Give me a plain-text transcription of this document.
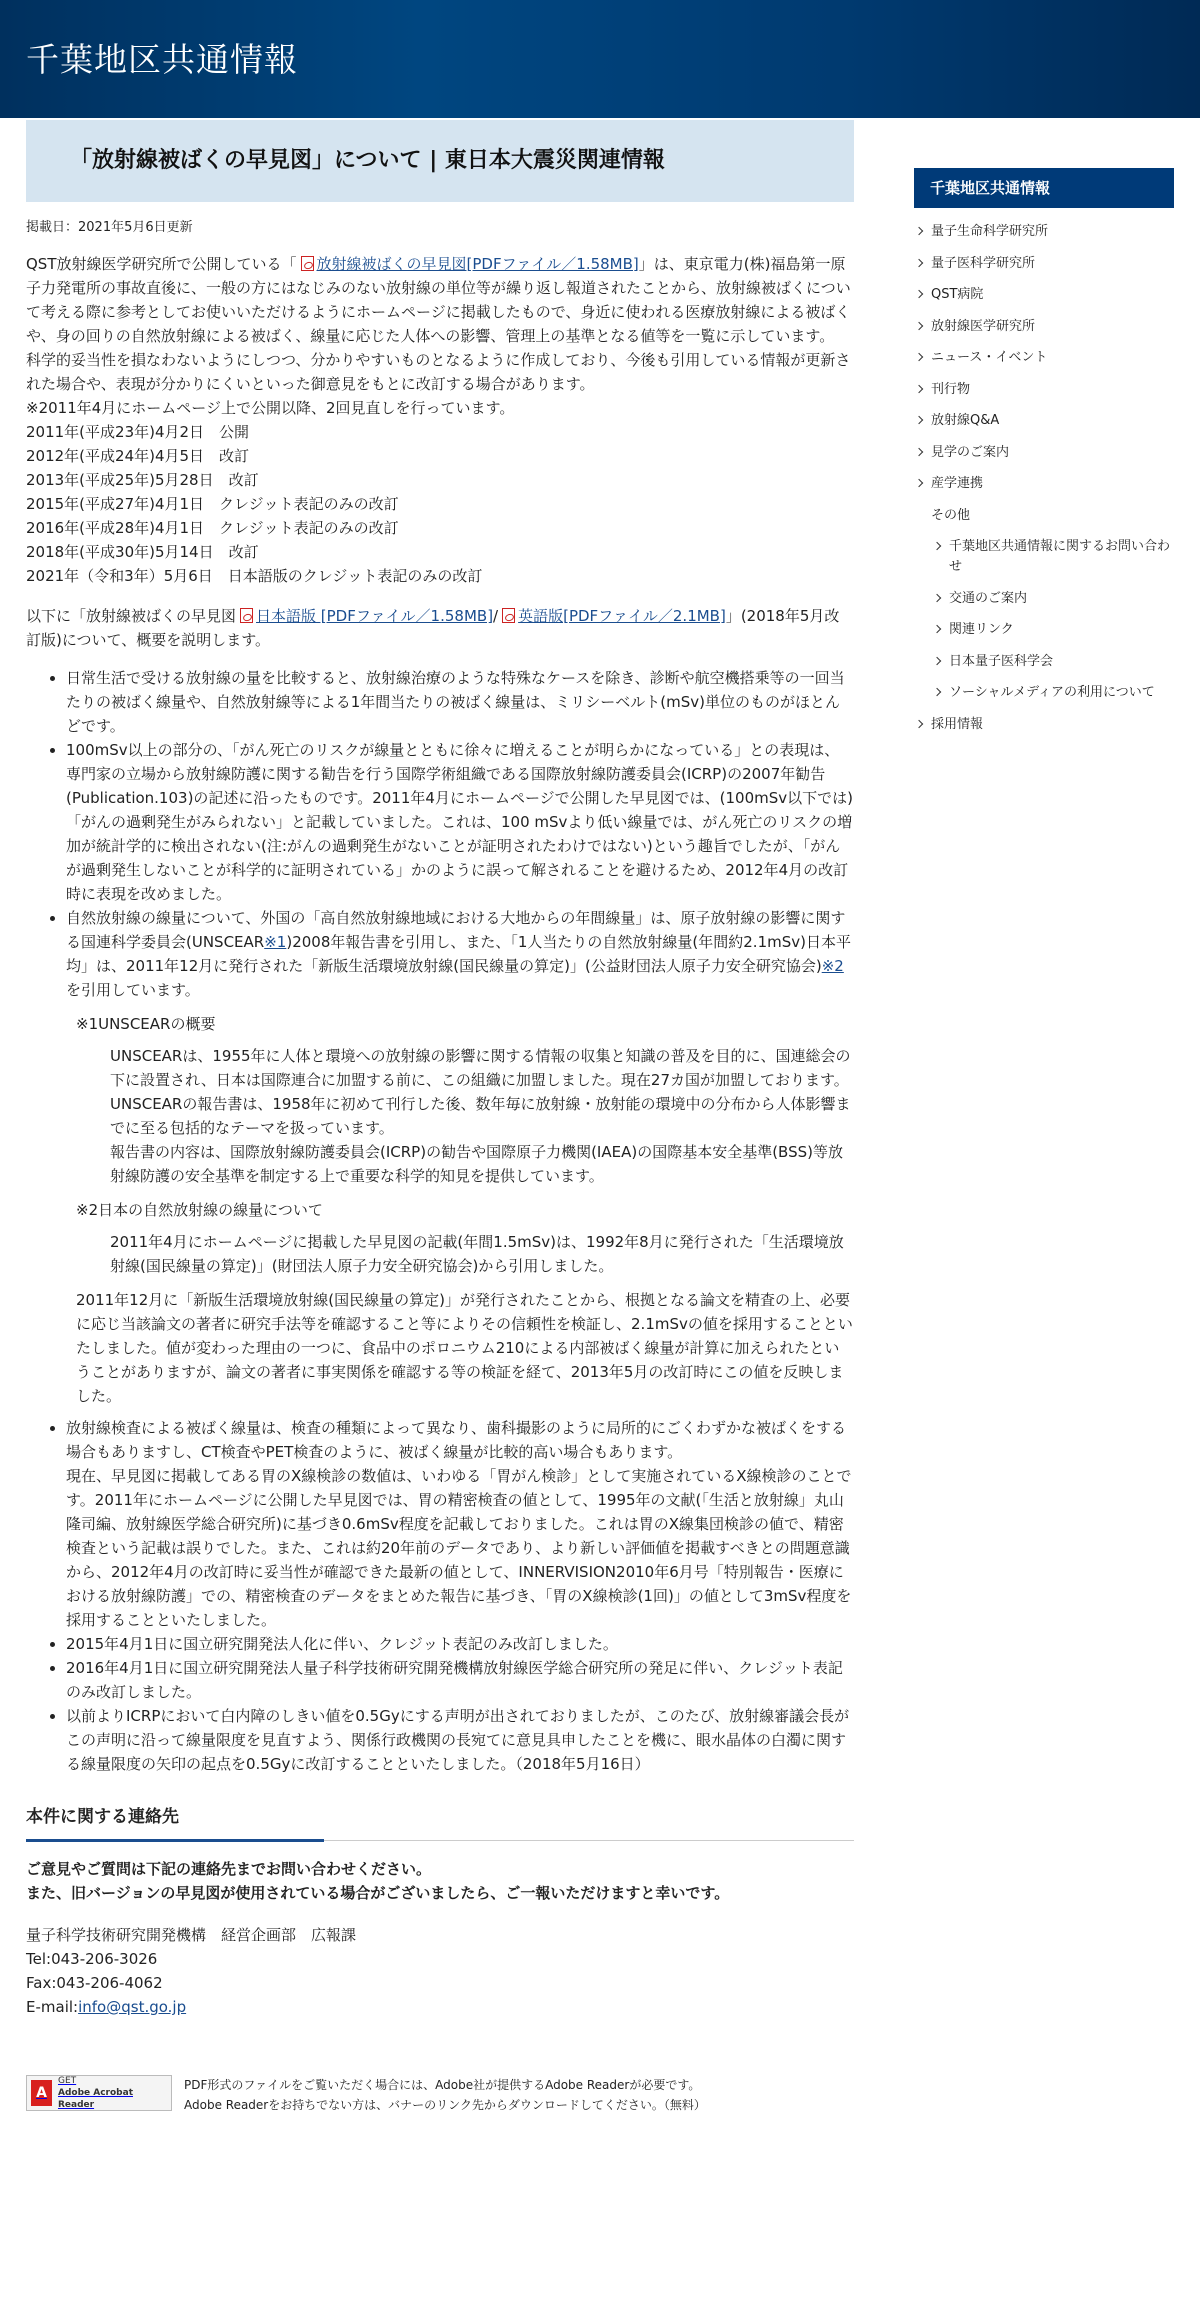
千葉地区共通情報
「放射線被ばくの早見図」について | 東日本大震災関連情報

掲載日：2021年5月6日更新

QST放射線医学研究所で公開している「 放射線被ばくの早見図[PDFファイル／1.58MB]」は、東京電力(株)福島第一原子力発電所の事故直後に、一般の方にはなじみのない放射線の単位等が繰り返し報道されたことから、放射線被ばくについて考える際に参考としてお使いいただけるようにホームページに掲載したもので、身近に使われる医療放射線による被ばくや、身の回りの自然放射線による被ばく、線量に応じた人体への影響、管理上の基準となる値等を一覧に示しています。

科学的妥当性を損なわないようにしつつ、分かりやすいものとなるように作成しており、今後も引用している情報が更新された場合や、表現が分かりにくいといった御意見をもとに改訂する場合があります。

※2011年4月にホームページ上で公開以降、2回見直しを行っています。

2011年(平成23年)4月2日　公開

2012年(平成24年)4月5日　改訂

2013年(平成25年)5月28日　改訂

2015年(平成27年)4月1日　クレジット表記のみの改訂

2016年(平成28年)4月1日　クレジット表記のみの改訂

2018年(平成30年)5月14日　改訂

2021年（令和3年）5月6日　日本語版のクレジット表記のみの改訂

以下に「放射線被ばくの早見図 日本語版 [PDFファイル／1.58MB]/ 英語版[PDFファイル／2.1MB]」(2018年5月改訂版)について、概要を説明します。

• 日常生活で受ける放射線の量を比較すると、放射線治療のような特殊なケースを除き、診断や航空機搭乗等の一回当たりの被ばく線量や、自然放射線等による1年間当たりの被ばく線量は、ミリシーベルト(mSv)単位のものがほとんどです。
• 100mSv以上の部分の、「がん死亡のリスクが線量とともに徐々に増えることが明らかになっている」との表現は、専門家の立場から放射線防護に関する勧告を行う国際学術組織である国際放射線防護委員会(ICRP)の2007年勧告(Publication.103)の記述に沿ったものです。2011年4月にホームページで公開した早見図では、(100mSv以下では)「がんの過剰発生がみられない」と記載していました。これは、100 mSvより低い線量では、がん死亡のリスクの増加が統計学的に検出されない(注:がんの過剰発生がないことが証明されたわけではない)という趣旨でしたが、「がんが過剰発生しないことが科学的に証明されている」かのように誤って解されることを避けるため、2012年4月の改訂時に表現を改めました。
• 自然放射線の線量について、外国の「高自然放射線地域における大地からの年間線量」は、原子放射線の影響に関する国連科学委員会(UNSCEAR※1)2008年報告書を引用し、また、「1人当たりの自然放射線量(年間約2.1mSv)日本平均」は、2011年12月に発行された「新版生活環境放射線(国民線量の算定)」(公益財団法人原子力安全研究協会)※2を引用しています。

※1UNSCEARの概要

UNSCEARは、1955年に人体と環境への放射線の影響に関する情報の収集と知識の普及を目的に、国連総会の下に設置され、日本は国際連合に加盟する前に、この組織に加盟しました。現在27カ国が加盟しております。

UNSCEARの報告書は、1958年に初めて刊行した後、数年毎に放射線・放射能の環境中の分布から人体影響までに至る包括的なテーマを扱っています。

報告書の内容は、国際放射線防護委員会(ICRP)の勧告や国際原子力機関(IAEA)の国際基本安全基準(BSS)等放射線防護の安全基準を制定する上で重要な科学的知見を提供しています。

※2日本の自然放射線の線量について

2011年4月にホームページに掲載した早見図の記載(年間1.5mSv)は、1992年8月に発行された「生活環境放射線(国民線量の算定)」(財団法人原子力安全研究協会)から引用しました。

2011年12月に「新版生活環境放射線(国民線量の算定)」が発行されたことから、根拠となる論文を精査の上、必要に応じ当該論文の著者に研究手法等を確認すること等によりその信頼性を検証し、2.1mSvの値を採用することといたしました。値が変わった理由の一つに、食品中のポロニウム210による内部被ばく線量が計算に加えられたということがありますが、論文の著者に事実関係を確認する等の検証を経て、2013年5月の改訂時にこの値を反映しました。

• 放射線検査による被ばく線量は、検査の種類によって異なり、歯科撮影のように局所的にごくわずかな被ばくをする場合もありますし、CT検査やPET検査のように、被ばく線量が比較的高い場合もあります。

現在、早見図に掲載してある胃のX線検診の数値は、いわゆる「胃がん検診」として実施されているX線検診のことです。2011年にホームページに公開した早見図では、胃の精密検査の値として、1995年の文献(「生活と放射線」丸山隆司編、放射線医学総合研究所)に基づき0.6mSv程度を記載しておりました。これは胃のX線集団検診の値で、精密検査という記載は誤りでした。また、これは約20年前のデータであり、より新しい評価値を掲載すべきとの問題意識から、2012年4月の改訂時に妥当性が確認できた最新の値として、INNERVISION2010年6月号「特別報告・医療における放射線防護」での、精密検査のデータをまとめた報告に基づき、「胃のX線検診(1回)」の値として3mSv程度を採用することといたしました。

• 2015年4月1日に国立研究開発法人化に伴い、クレジット表記のみ改訂しました。
• 2016年4月1日に国立研究開発法人量子科学技術研究開発機構放射線医学総合研究所の発足に伴い、クレジット表記のみ改訂しました。
• 以前よりICRPにおいて白内障のしきい値を0.5Gyにする声明が出されておりましたが、このたび、放射線審議会長がこの声明に沿って線量限度を見直すよう、関係行政機関の長宛てに意見具申したことを機に、眼水晶体の白濁に関する線量限度の矢印の起点を0.5Gyに改訂することといたしました。（2018年5月16日）
本件に関する連絡先

ご意見やご質問は下記の連絡先までお問い合わせください。

また、旧バージョンの早見図が使用されている場合がございましたら、ご一報いただけますと幸いです。

量子科学技術研究開発機構　経営企画部　広報課

Tel:043-206-3026

Fax:043-206-4062

E-mail:info@qst.go.jp

A
GET
Adobe Acrobat Reader

PDF形式のファイルをご覧いただく場合には、Adobe社が提供するAdobe Readerが必要です。

Adobe Readerをお持ちでない方は、バナーのリンク先からダウンロードしてください。（無料）

千葉地区共通情報
量子生命科学研究所
量子医科学研究所
QST病院
放射線医学研究所
ニュース・イベント
刊行物
放射線Q&A
見学のご案内
産学連携
その他
千葉地区共通情報に関するお問い合わせ
交通のご案内
関連リンク
日本量子医科学会
ソーシャルメディアの利用について
採用情報
